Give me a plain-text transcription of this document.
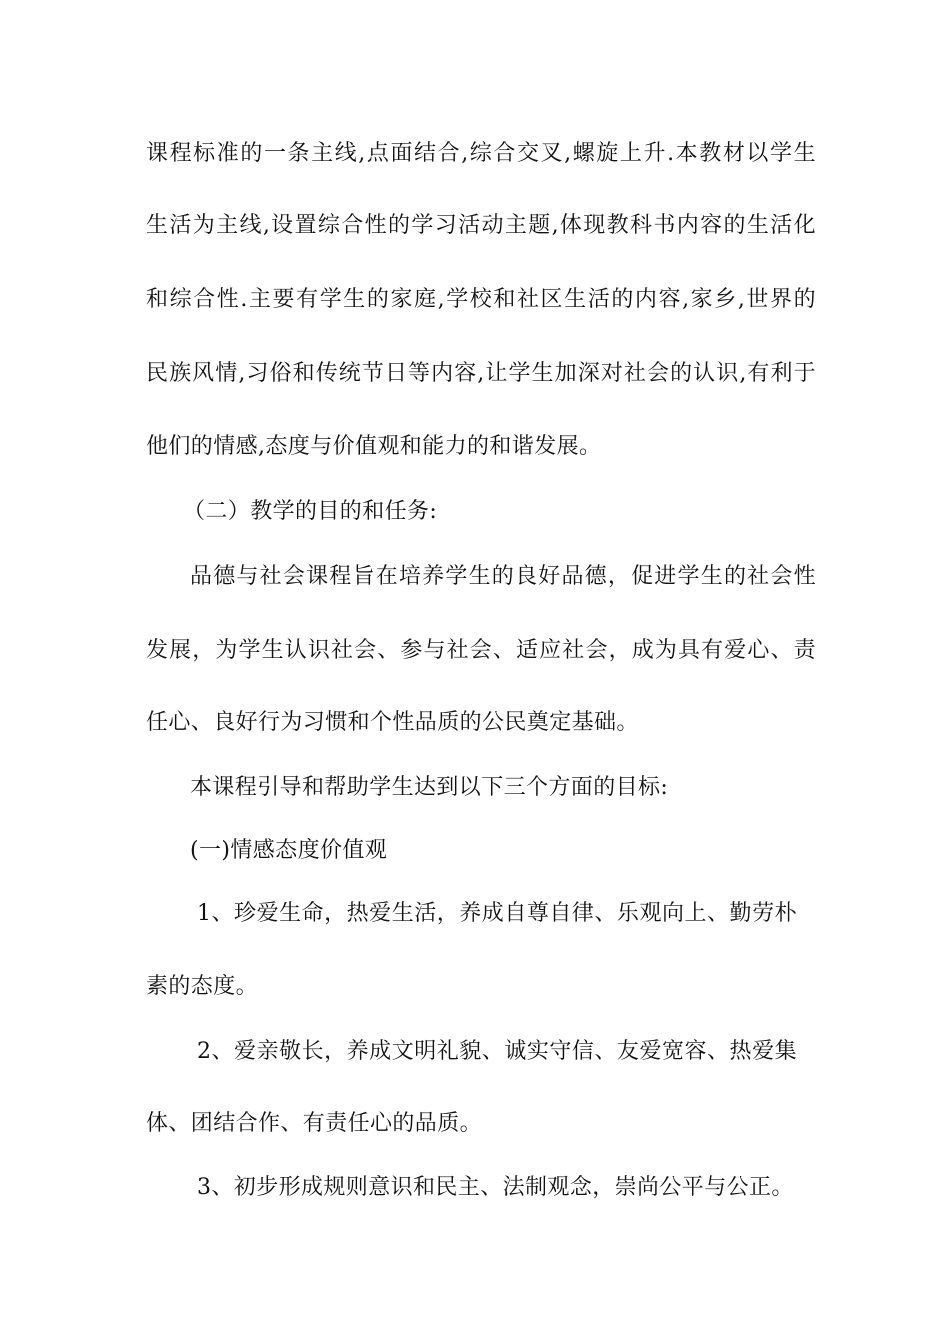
课程标准的一条主线,点面结合,综合交叉,螺旋上升.本教材以学生
生活为主线,设置综合性的学习活动主题,体现教科书内容的生活化
和综合性.主要有学生的家庭,学校和社区生活的内容,家乡,世界的
民族风情,习俗和传统节日等内容,让学生加深对社会的认识,有利于
他们的情感,态度与价值观和能力的和谐发展。
（二）教学的目的和任务:
品德与社会课程旨在培养学生的良好品德，促进学生的社会性
发展，为学生认识社会、参与社会、适应社会，成为具有爱心、责
任心、良好行为习惯和个性品质的公民奠定基础。
本课程引导和帮助学生达到以下三个方面的目标:
(一)情感态度价值观
1、珍爱生命，热爱生活，养成自尊自律、乐观向上、勤劳朴
素的态度。
2、爱亲敬长，养成文明礼貌、诚实守信、友爱宽容、热爱集
体、团结合作、有责任心的品质。
3、初步形成规则意识和民主、法制观念，崇尚公平与公正。
